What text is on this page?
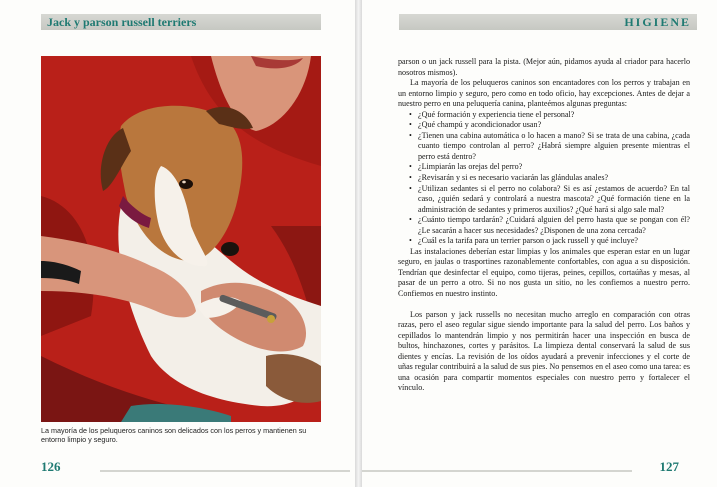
Jack y parson russell terriers
La mayoría de los peluqueros caninos son delicados con los perros y mantienen su entorno limpio y seguro.
126
HIGIENE

parson o un jack russell para la pista. (Mejor aún, pidamos ayuda al criador para hacerlo nosotros mismos).

La mayoría de los peluqueros caninos son encantadores con los perros y trabajan en un entorno limpio y seguro, pero como en todo oficio, hay excepciones. Antes de dejar a nuestro perro en una peluquería canina, planteémos algunas preguntas:

• ¿Qué formación y experiencia tiene el personal?
• ¿Qué champú y acondicionador usan?
• ¿Tienen una cabina automática o lo hacen a mano? Si se trata de una cabina, ¿cada cuanto tiempo controlan al perro? ¿Habrá siempre alguien presente mientras el perro está dentro?
• ¿Limpiarán las orejas del perro?
• ¿Revisarán y si es necesario vaciarán las glándulas anales?
• ¿Utilizan sedantes si el perro no colabora? Si es así ¿estamos de acuerdo? En tal caso, ¿quién sedará y controlará a nuestra mascota? ¿Qué formación tiene en la administración de sedantes y primeros auxilios? ¿Qué hará si algo sale mal?
• ¿Cuánto tiempo tardarán? ¿Cuidará alguien del perro hasta que se pongan con él? ¿Le sacarán a hacer sus necesidades? ¿Disponen de una zona cercada?
• ¿Cuál es la tarifa para un terrier parson o jack russell y qué incluye?

Las instalaciones deberían estar limpias y los animales que esperan estar en un lugar seguro, en jaulas o trasportines razonablemente confortables, con agua a su disposición. Tendrían que desinfectar el equipo, como tijeras, peines, cepillos, cortaúñas y mesas, al pasar de un perro a otro. Si no nos gusta un sitio, no les confiemos a nuestro perro. Confiemos en nuestro instinto.

Los parson y jack russells no necesitan mucho arreglo en comparación con otras razas, pero el aseo regular sigue siendo importante para la salud del perro. Los baños y cepillados lo mantendrán limpio y nos permitirán hacer una inspección en busca de bultos, hinchazones, cortes y parásitos. La limpieza dental conservará la salud de sus dientes y encías. La revisión de los oídos ayudará a prevenir infecciones y el corte de uñas regular contribuirá a la salud de sus pies. No pensemos en el aseo como una tarea: es una ocasión para compartir momentos especiales con nuestro perro y fortalecer el vínculo.

127
